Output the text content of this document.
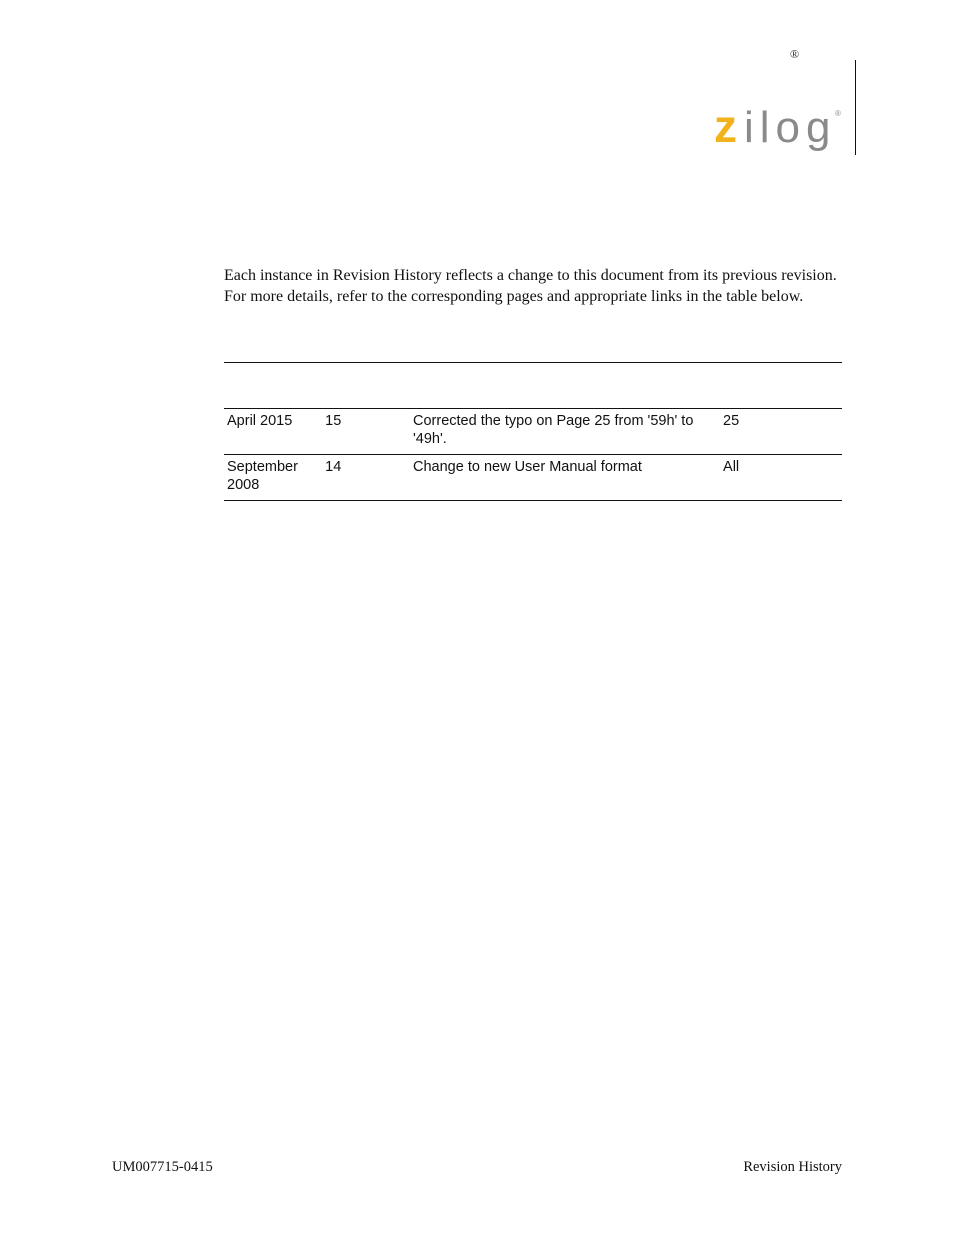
®
z ilog
®

Each instance in Revision History reflects a change to this document from its previous revision. For more details, refer to the corresponding pages and appropriate links in the table below.

April 2015	15	Corrected the typo on Page 25 from '59h' to '49h'.	25
September 2008	14	Change to new User Manual format	All
UM007715-0415	Revision History
